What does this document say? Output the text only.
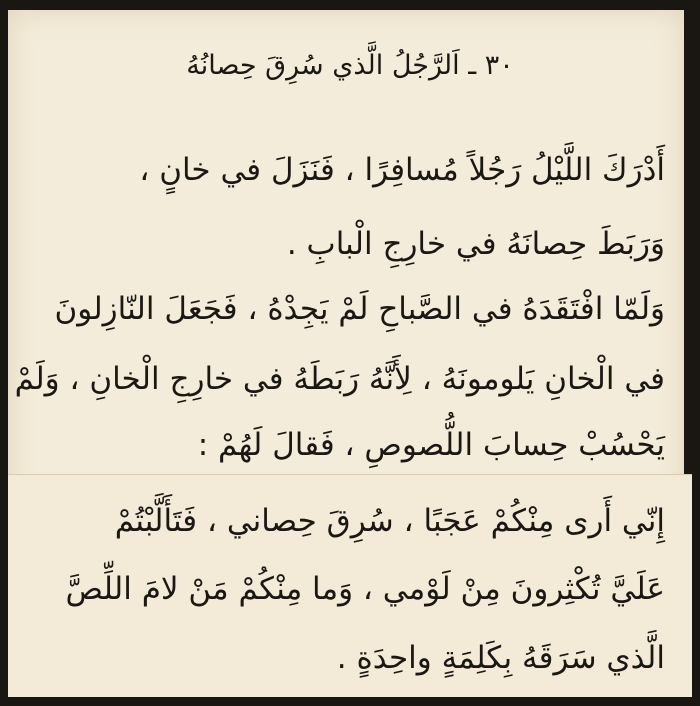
٣٠ ـ اَلرَّجُلُ الَّذي سُرِقَ حِصانُهُ
أَدْرَكَ اللَّيْلُ رَجُلاً مُسافِرًا ، فَنَزَلَ في خانٍ ،
وَرَبَطَ حِصانَهُ في خارِجِ الْبابِ .
وَلَمّا افْتَقَدَهُ في الصَّباحِ لَمْ يَجِدْهُ ، فَجَعَلَ النّازِلونَ
في الْخانِ يَلومونَهُ ، لِأَنَّهُ رَبَطَهُ في خارِجِ الْخانِ ، وَلَمْ
يَحْسُبْ حِسابَ اللُّصوصِ ، فَقالَ لَهُمْ :
إِنّي أَرى مِنْكُمْ عَجَبًا ، سُرِقَ حِصاني ، فَتَأَلَّبْتُمْ
عَلَيَّ تُكْثِرونَ مِنْ لَوْمي ، وَما مِنْكُمْ مَنْ لامَ اللِّصَّ
الَّذي سَرَقَهُ بِكَلِمَةٍ واحِدَةٍ .
